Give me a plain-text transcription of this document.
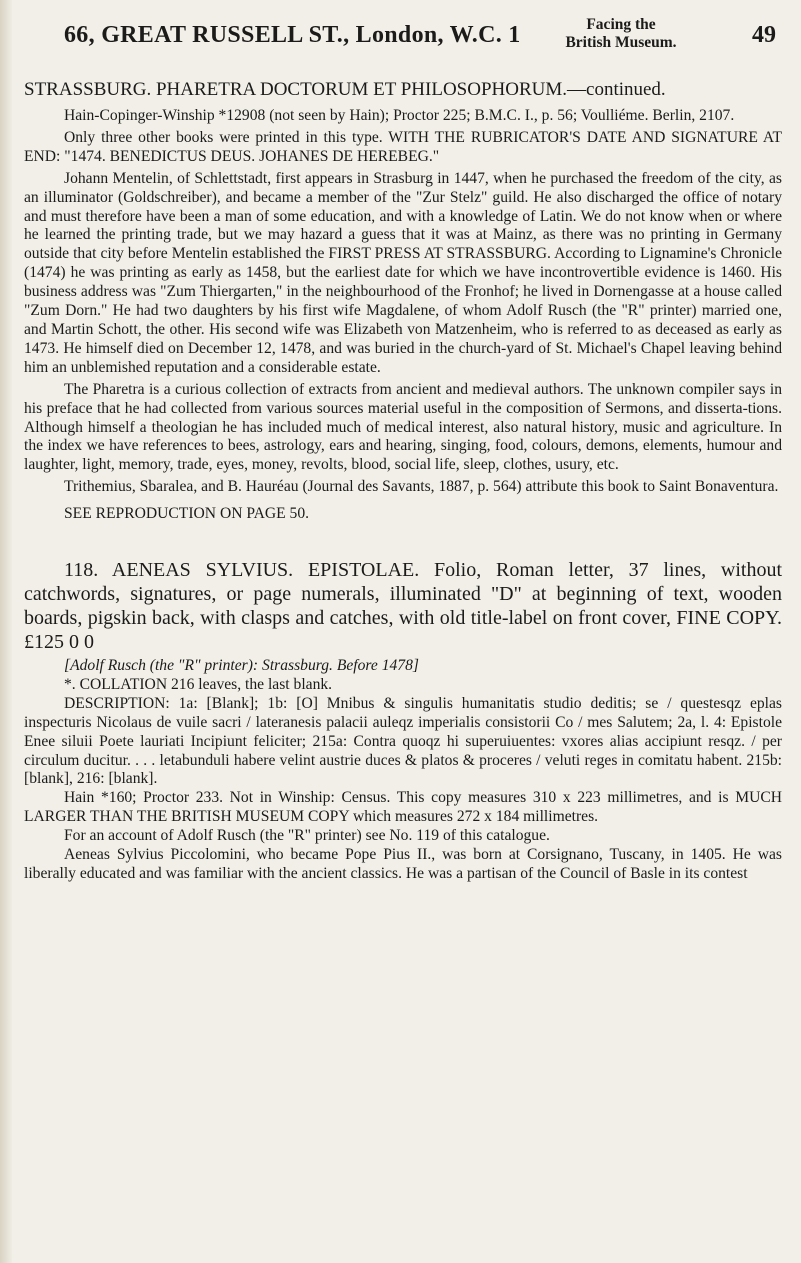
66, GREAT RUSSELL ST., London, W.C. 1	Facing the
British Museum.	49

STRASSBURG. PHARETRA DOCTORUM ET PHILOSOPHORUM.—continued.

Hain-Copinger-Winship *12908 (not seen by Hain); Proctor 225; B.M.C. I., p. 56; Voulliéme. Berlin, 2107.

Only three other books were printed in this type. WITH THE RUBRICATOR'S DATE AND SIGNATURE AT END: "1474. BENEDICTUS DEUS. JOHANES DE HEREBEG."

Johann Mentelin, of Schlettstadt, first appears in Strasburg in 1447, when he purchased the freedom of the city, as an illuminator (Goldschreiber), and became a member of the "Zur Stelz" guild. He also discharged the office of notary and must therefore have been a man of some education, and with a knowledge of Latin. We do not know when or where he learned the printing trade, but we may hazard a guess that it was at Mainz, as there was no printing in Germany outside that city before Mentelin established the FIRST PRESS AT STRASSBURG. According to Lignamine's Chronicle (1474) he was printing as early as 1458, but the earliest date for which we have incontrovertible evidence is 1460. His business address was "Zum Thiergarten," in the neighbourhood of the Fronhof; he lived in Dornengasse at a house called "Zum Dorn." He had two daughters by his first wife Magdalene, of whom Adolf Rusch (the "R" printer) married one, and Martin Schott, the other. His second wife was Elizabeth von Matzenheim, who is referred to as deceased as early as 1473. He himself died on December 12, 1478, and was buried in the church-yard of St. Michael's Chapel leaving behind him an unblemished reputation and a considerable estate.

The Pharetra is a curious collection of extracts from ancient and medieval authors. The unknown compiler says in his preface that he had collected from various sources material useful in the composition of Sermons, and disserta-tions. Although himself a theologian he has included much of medical interest, also natural history, music and agriculture. In the index we have references to bees, astrology, ears and hearing, singing, food, colours, demons, elements, humour and laughter, light, memory, trade, eyes, money, revolts, blood, social life, sleep, clothes, usury, etc.

Trithemius, Sbaralea, and B. Hauréau (Journal des Savants, 1887, p. 564) attribute this book to Saint Bonaventura.

SEE REPRODUCTION ON PAGE 50.

118. AENEAS SYLVIUS. EPISTOLAE. Folio, Roman letter, 37 lines, without catchwords, signatures, or page numerals, illuminated "D" at beginning of text, wooden boards, pigskin back, with clasps and catches, with old title-label on front cover, FINE COPY. £125 0 0

[Adolf Rusch (the "R" printer): Strassburg. Before 1478]

*. COLLATION 216 leaves, the last blank.

DESCRIPTION: 1a: [Blank]; 1b: [O] Mnibus & singulis humanitatis studio deditis; se / questesqz eplas inspecturis Nicolaus de vuile sacri / lateranesis palacii auleqz imperialis consistorii Co / mes Salutem; 2a, l. 4: Epistole Enee siluii Poete lauriati Incipiunt feliciter; 215a: Contra quoqz hi superuiuentes: vxores alias accipiunt resqz. / per circulum ducitur. . . . letabunduli habere velint austrie duces & platos & proceres / veluti reges in comitatu habent. 215b: [blank], 216: [blank].

Hain *160; Proctor 233. Not in Winship: Census. This copy measures 310 x 223 millimetres, and is MUCH LARGER THAN THE BRITISH MUSEUM COPY which measures 272 x 184 millimetres.

For an account of Adolf Rusch (the "R" printer) see No. 119 of this catalogue.

Aeneas Sylvius Piccolomini, who became Pope Pius II., was born at Corsignano, Tuscany, in 1405. He was liberally educated and was familiar with the ancient classics. He was a partisan of the Council of Basle in its contest
